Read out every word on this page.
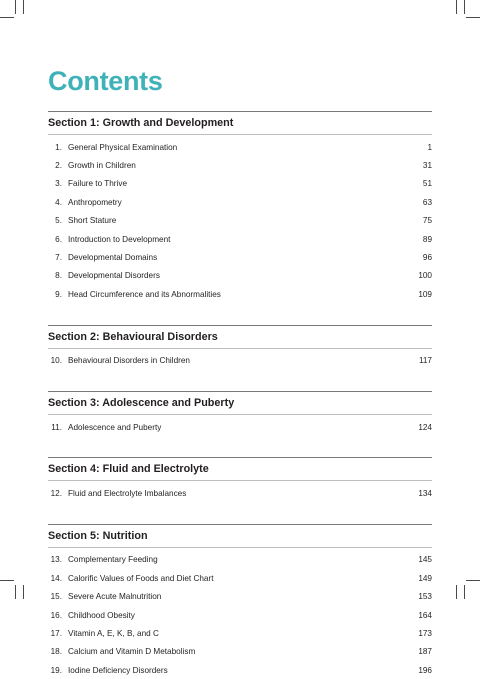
Contents
Section 1: Growth and Development
1. General Physical Examination	1
2. Growth in Children	31
3. Failure to Thrive	51
4. Anthropometry	63
5. Short Stature	75
6. Introduction to Development	89
7. Developmental Domains	96
8. Developmental Disorders	100
9. Head Circumference and its Abnormalities	109
Section 2: Behavioural Disorders
10. Behavioural Disorders in Children	117
Section 3: Adolescence and Puberty
11. Adolescence and Puberty	124
Section 4: Fluid and Electrolyte
12. Fluid and Electrolyte Imbalances	134
Section 5: Nutrition
13. Complementary Feeding	145
14. Calorific Values of Foods and Diet Chart	149
15. Severe Acute Malnutrition	153
16. Childhood Obesity	164
17. Vitamin A, E, K, B, and C	173
18. Calcium and Vitamin D Metabolism	187
19. Iodine Deficiency Disorders	196
